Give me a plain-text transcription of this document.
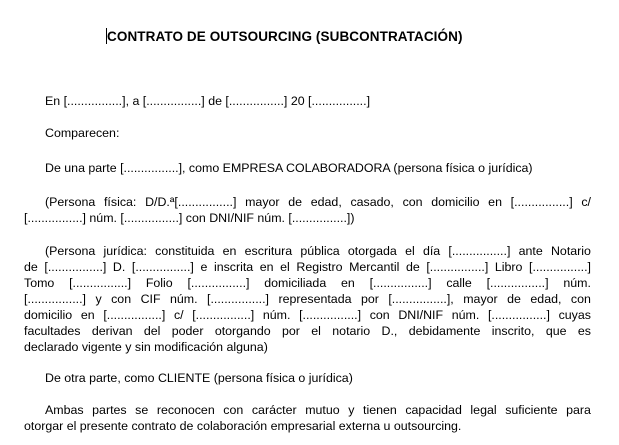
CONTRATO DE OUTSOURCING (SUBCONTRATACIÓN)
En [................], a [................] de [................] 20 [................]
Comparecen:
De una parte [................], como EMPRESA COLABORADORA (persona física o jurídica)
(Persona física: D/D.ª[................] mayor de edad, casado, con domicilio en [................] c/
[................] núm. [................] con DNI/NIF núm. [................])
(Persona jurídica: constituida en escritura pública otorgada el día [................] ante Notario
de [................] D. [................] e inscrita en el Registro Mercantil de [................] Libro [................]
Tomo [................] Folio [................] domiciliada en [................] calle [................] núm.
[................] y con CIF núm. [................] representada por [................], mayor de edad, con
domicilio en [................] c/ [................] núm. [................] con DNI/NIF núm. [................] cuyas
facultades derivan del poder otorgando por el notario D., debidamente inscrito, que es
declarado vigente y sin modificación alguna)
De otra parte, como CLIENTE (persona física o jurídica)
Ambas partes se reconocen con carácter mutuo y tienen capacidad legal suficiente para
otorgar el presente contrato de colaboración empresarial externa u outsourcing.
